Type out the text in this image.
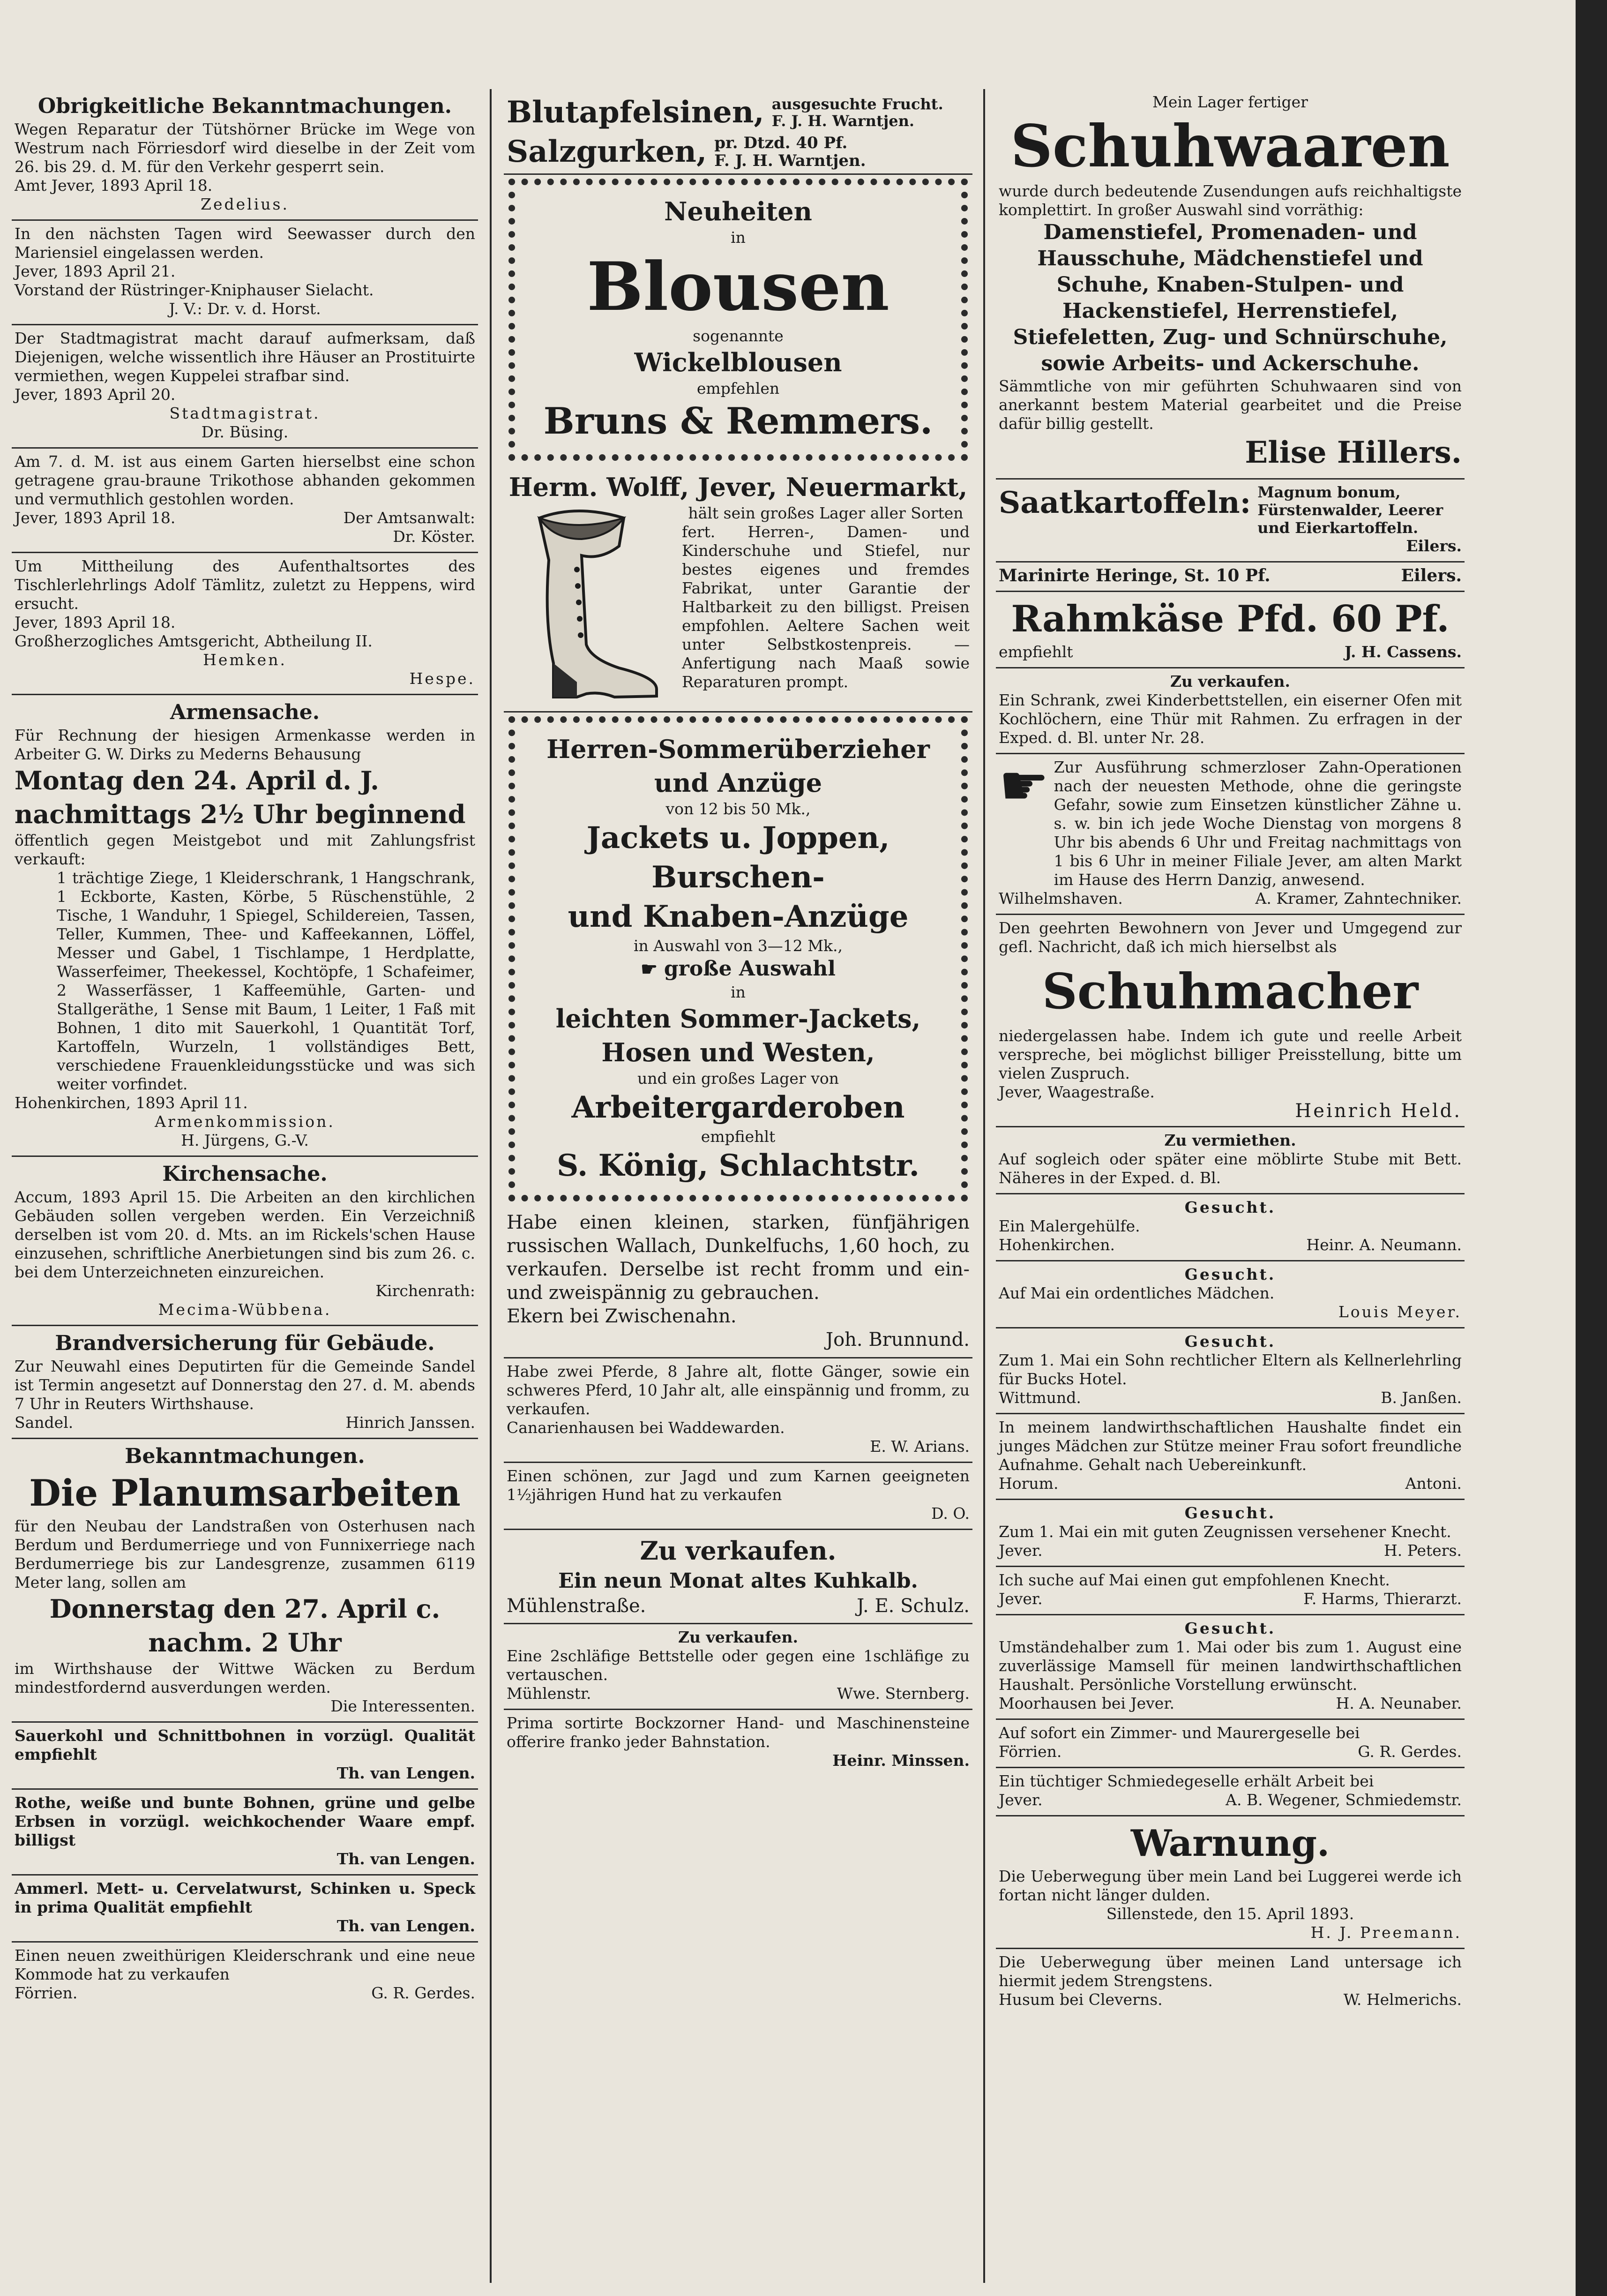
Obrigkeitliche Bekanntmachungen.
Wegen Reparatur der Tütshörner Brücke im Wege von Westrum nach Förriesdorf wird dieselbe in der Zeit vom 26. bis 29. d. M. für den Verkehr gesperrt sein.
Amt Jever, 1893 April 18.
Zedelius.
In den nächsten Tagen wird Seewasser durch den Mariensiel eingelassen werden.
Jever, 1893 April 21.
Vorstand der Rüstringer-Kniphauser Sielacht.
J. V.: Dr. v. d. Horst.
Der Stadtmagistrat macht darauf aufmerksam, daß Diejenigen, welche wissentlich ihre Häuser an Prostituirte vermiethen, wegen Kuppelei strafbar sind.
Jever, 1893 April 20.
Stadtmagistrat.
Dr. Büsing.
Am 7. d. M. ist aus einem Garten hierselbst eine schon getragene grau-braune Trikothose abhanden gekommen und vermuthlich gestohlen worden.
Jever, 1893 April 18.	Der Amtsanwalt:
Dr. Köster.
Um Mittheilung des Aufenthaltsortes des Tischlerlehrlings Adolf Tämlitz, zuletzt zu Heppens, wird ersucht.
Jever, 1893 April 18.
Großherzogliches Amtsgericht, Abtheilung II.
Hemken.
Hespe.
Armensache.
Für Rechnung der hiesigen Armenkasse werden in Arbeiter G. W. Dirks zu Mederns Behausung
Montag den 24. April d. J.
nachmittags 2½ Uhr beginnend
öffentlich gegen Meistgebot und mit Zahlungsfrist verkauft:
1 trächtige Ziege, 1 Kleiderschrank, 1 Hangschrank, 1 Eckborte, Kasten, Körbe, 5 Rüschenstühle, 2 Tische, 1 Wanduhr, 1 Spiegel, Schildereien, Tassen, Teller, Kummen, Thee- und Kaffeekannen, Löffel, Messer und Gabel, 1 Tischlampe, 1 Herdplatte, Wasserfeimer, Theekessel, Kochtöpfe, 1 Schafeimer, 2 Wasserfässer, 1 Kaffeemühle, Garten- und Stallgeräthe, 1 Sense mit Baum, 1 Leiter, 1 Faß mit Bohnen, 1 dito mit Sauerkohl, 1 Quantität Torf, Kartoffeln, Wurzeln, 1 vollständiges Bett, verschiedene Frauenkleidungsstücke und was sich weiter vorfindet.
Hohenkirchen, 1893 April 11.
Armenkommission.
H. Jürgens, G.-V.
Kirchensache.
Accum, 1893 April 15. Die Arbeiten an den kirchlichen Gebäuden sollen vergeben werden. Ein Verzeichniß derselben ist vom 20. d. Mts. an im Rickels'schen Hause einzusehen, schriftliche Anerbietungen sind bis zum 26. c. bei dem Unterzeichneten einzureichen.
Kirchenrath:
Mecima-Wübbena.
Brandversicherung für Gebäude.
Zur Neuwahl eines Deputirten für die Gemeinde Sandel ist Termin angesetzt auf Donnerstag den 27. d. M. abends 7 Uhr in Reuters Wirthshause.
Sandel.	Hinrich Janssen.
Bekanntmachungen.
Die Planumsarbeiten
für den Neubau der Landstraßen von Osterhusen nach Berdum und Berdumerriege und von Funnixerriege nach Berdumerriege bis zur Landesgrenze, zusammen 6119 Meter lang, sollen am
Donnerstag den 27. April c.
nachm. 2 Uhr
im Wirthshause der Wittwe Wäcken zu Berdum mindestfordernd ausverdungen werden.
Die Interessenten.
Sauerkohl und Schnittbohnen in vorzügl. Qualität empfiehlt
Th. van Lengen.
Rothe, weiße und bunte Bohnen, grüne und gelbe Erbsen in vorzügl. weichkochender Waare empf. billigst
Th. van Lengen.
Ammerl. Mett- u. Cervelatwurst, Schinken u. Speck in prima Qualität empfiehlt
Th. van Lengen.
Einen neuen zweithürigen Kleiderschrank und eine neue Kommode hat zu verkaufen
Förrien.	G. R. Gerdes.
Blutapfelsinen, ausgesuchte Frucht.
F. J. H. Warntjen.
Salzgurken, pr. Dtzd. 40 Pf.
F. J. H. Warntjen.
Neuheiten
in
Blousen
sogenannte
Wickelblousen
empfehlen
Bruns & Remmers.
Herm. Wolff, Jever, Neuermarkt,
hält sein großes Lager aller Sorten
fert. Herren-, Damen- und Kinderschuhe und Stiefel, nur bestes eigenes und fremdes Fabrikat, unter Garantie der Haltbarkeit zu den billigst. Preisen empfohlen. Aeltere Sachen weit unter Selbstkostenpreis. — Anfertigung nach Maaß sowie Reparaturen prompt.
Herren-Sommerüberzieher
und Anzüge
von 12 bis 50 Mk.,
Jackets u. Joppen,
Burschen-
und Knaben-Anzüge
in Auswahl von 3—12 Mk.,
☛ große Auswahl
in
leichten Sommer-Jackets,
Hosen und Westen,
und ein großes Lager von
Arbeitergarderoben
empfiehlt
S. König, Schlachtstr.
Habe einen kleinen, starken, fünfjährigen russischen Wallach, Dunkelfuchs, 1,60 hoch, zu verkaufen. Derselbe ist recht fromm und ein- und zweispännig zu gebrauchen.
Ekern bei Zwischenahn.
Joh. Brunnund.
Habe zwei Pferde, 8 Jahre alt, flotte Gänger, sowie ein schweres Pferd, 10 Jahr alt, alle einspännig und fromm, zu verkaufen.
Canarienhausen bei Waddewarden.
E. W. Arians.
Einen schönen, zur Jagd und zum Karnen geeigneten 1½jährigen Hund hat zu verkaufen
D. O.
Zu verkaufen.
Ein neun Monat altes Kuhkalb.
Mühlenstraße.	J. E. Schulz.
Zu verkaufen.
Eine 2schläfige Bettstelle oder gegen eine 1schläfige zu vertauschen.
Mühlenstr.	Wwe. Sternberg.
Prima sortirte Bockzorner Hand- und Maschinensteine offerire franko jeder Bahnstation.
Heinr. Minssen.
Mein Lager fertiger
Schuhwaaren
wurde durch bedeutende Zusendungen aufs reichhaltigste komplettirt. In großer Auswahl sind vorräthig:
Damenstiefel, Promenaden- und Hausschuhe, Mädchenstiefel und Schuhe, Knaben-Stulpen- und Hackenstiefel, Herrenstiefel, Stiefeletten, Zug- und Schnürschuhe, sowie Arbeits- und Ackerschuhe.
Sämmtliche von mir geführten Schuhwaaren sind von anerkannt bestem Material gearbeitet und die Preise dafür billig gestellt.
Elise Hillers.
Saatkartoffeln: Magnum bonum, Fürstenwalder, Leerer und Eierkartoffeln.
Eilers.
Marinirte Heringe, St. 10 Pf.	Eilers.
Rahmkäse Pfd. 60 Pf.
empfiehlt	J. H. Cassens.
Zu verkaufen.
Ein Schrank, zwei Kinderbettstellen, ein eiserner Ofen mit Kochlöchern, eine Thür mit Rahmen. Zu erfragen in der Exped. d. Bl. unter Nr. 28.
☛ Zur Ausführung schmerzloser Zahn-Operationen nach der neuesten Methode, ohne die geringste Gefahr, sowie zum Einsetzen künstlicher Zähne u. s. w. bin ich jede Woche Dienstag von morgens 8 Uhr bis abends 6 Uhr und Freitag nachmittags von 1 bis 6 Uhr in meiner Filiale Jever, am alten Markt im Hause des Herrn Danzig, anwesend.
Wilhelmshaven.	A. Kramer, Zahntechniker.
Den geehrten Bewohnern von Jever und Umgegend zur gefl. Nachricht, daß ich mich hierselbst als
Schuhmacher
niedergelassen habe. Indem ich gute und reelle Arbeit verspreche, bei möglichst billiger Preisstellung, bitte um vielen Zuspruch.
Jever, Waagestraße.
Heinrich Held.
Zu vermiethen.
Auf sogleich oder später eine möblirte Stube mit Bett. Näheres in der Exped. d. Bl.
Gesucht.
Ein Malergehülfe.
Hohenkirchen.	Heinr. A. Neumann.
Gesucht.
Auf Mai ein ordentliches Mädchen.
Louis Meyer.
Gesucht.
Zum 1. Mai ein Sohn rechtlicher Eltern als Kellnerlehrling für Bucks Hotel.
Wittmund.	B. Janßen.
In meinem landwirthschaftlichen Haushalte findet ein junges Mädchen zur Stütze meiner Frau sofort freundliche Aufnahme. Gehalt nach Uebereinkunft.
Horum.	Antoni.
Gesucht.
Zum 1. Mai ein mit guten Zeugnissen versehener Knecht.
Jever.	H. Peters.
Ich suche auf Mai einen gut empfohlenen Knecht.
Jever.	F. Harms, Thierarzt.
Gesucht.
Umständehalber zum 1. Mai oder bis zum 1. August eine zuverlässige Mamsell für meinen landwirthschaftlichen Haushalt. Persönliche Vorstellung erwünscht.
Moorhausen bei Jever.	H. A. Neunaber.
Auf sofort ein Zimmer- und Maurergeselle bei
Förrien.	G. R. Gerdes.
Ein tüchtiger Schmiedegeselle erhält Arbeit bei
Jever.	A. B. Wegener, Schmiedemstr.
Warnung.
Die Ueberwegung über mein Land bei Luggerei werde ich fortan nicht länger dulden.
Sillenstede, den 15. April 1893.
H. J. Preemann.
Die Ueberwegung über meinen Land untersage ich hiermit jedem Strengstens.
Husum bei Cleverns.	W. Helmerichs.
